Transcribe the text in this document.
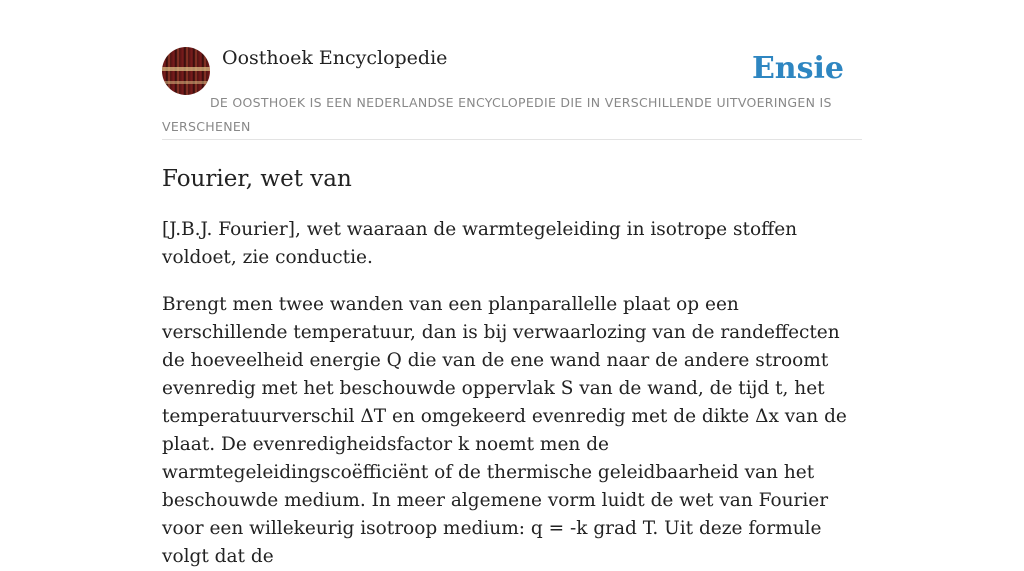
Oosthoek Encyclopedie	Ensie
DE OOSTHOEK IS EEN NEDERLANDSE ENCYCLOPEDIE DIE IN VERSCHILLENDE UITVOERINGEN IS VERSCHENEN
Fourier, wet van

[J.B.J. Fourier], wet waaraan de warmtegeleiding in isotrope stoffen voldoet, zie conductie.

Brengt men twee wanden van een planparallelle plaat op een verschillende temperatuur, dan is bij verwaarlozing van de randeffecten de hoeveelheid energie Q die van de ene wand naar de andere stroomt evenredig met het beschouwde oppervlak S van de wand, de tijd t, het temperatuurverschil ΔT en omgekeerd evenredig met de dikte Δx van de plaat. De evenredigheidsfactor k noemt men de warmtegeleidingscoëfficiënt of de thermische geleidbaarheid van het beschouwde medium. In meer algemene vorm luidt de wet van Fourier voor een willekeurig isotroop medium: q = -k grad T. Uit deze formule volgt dat de
